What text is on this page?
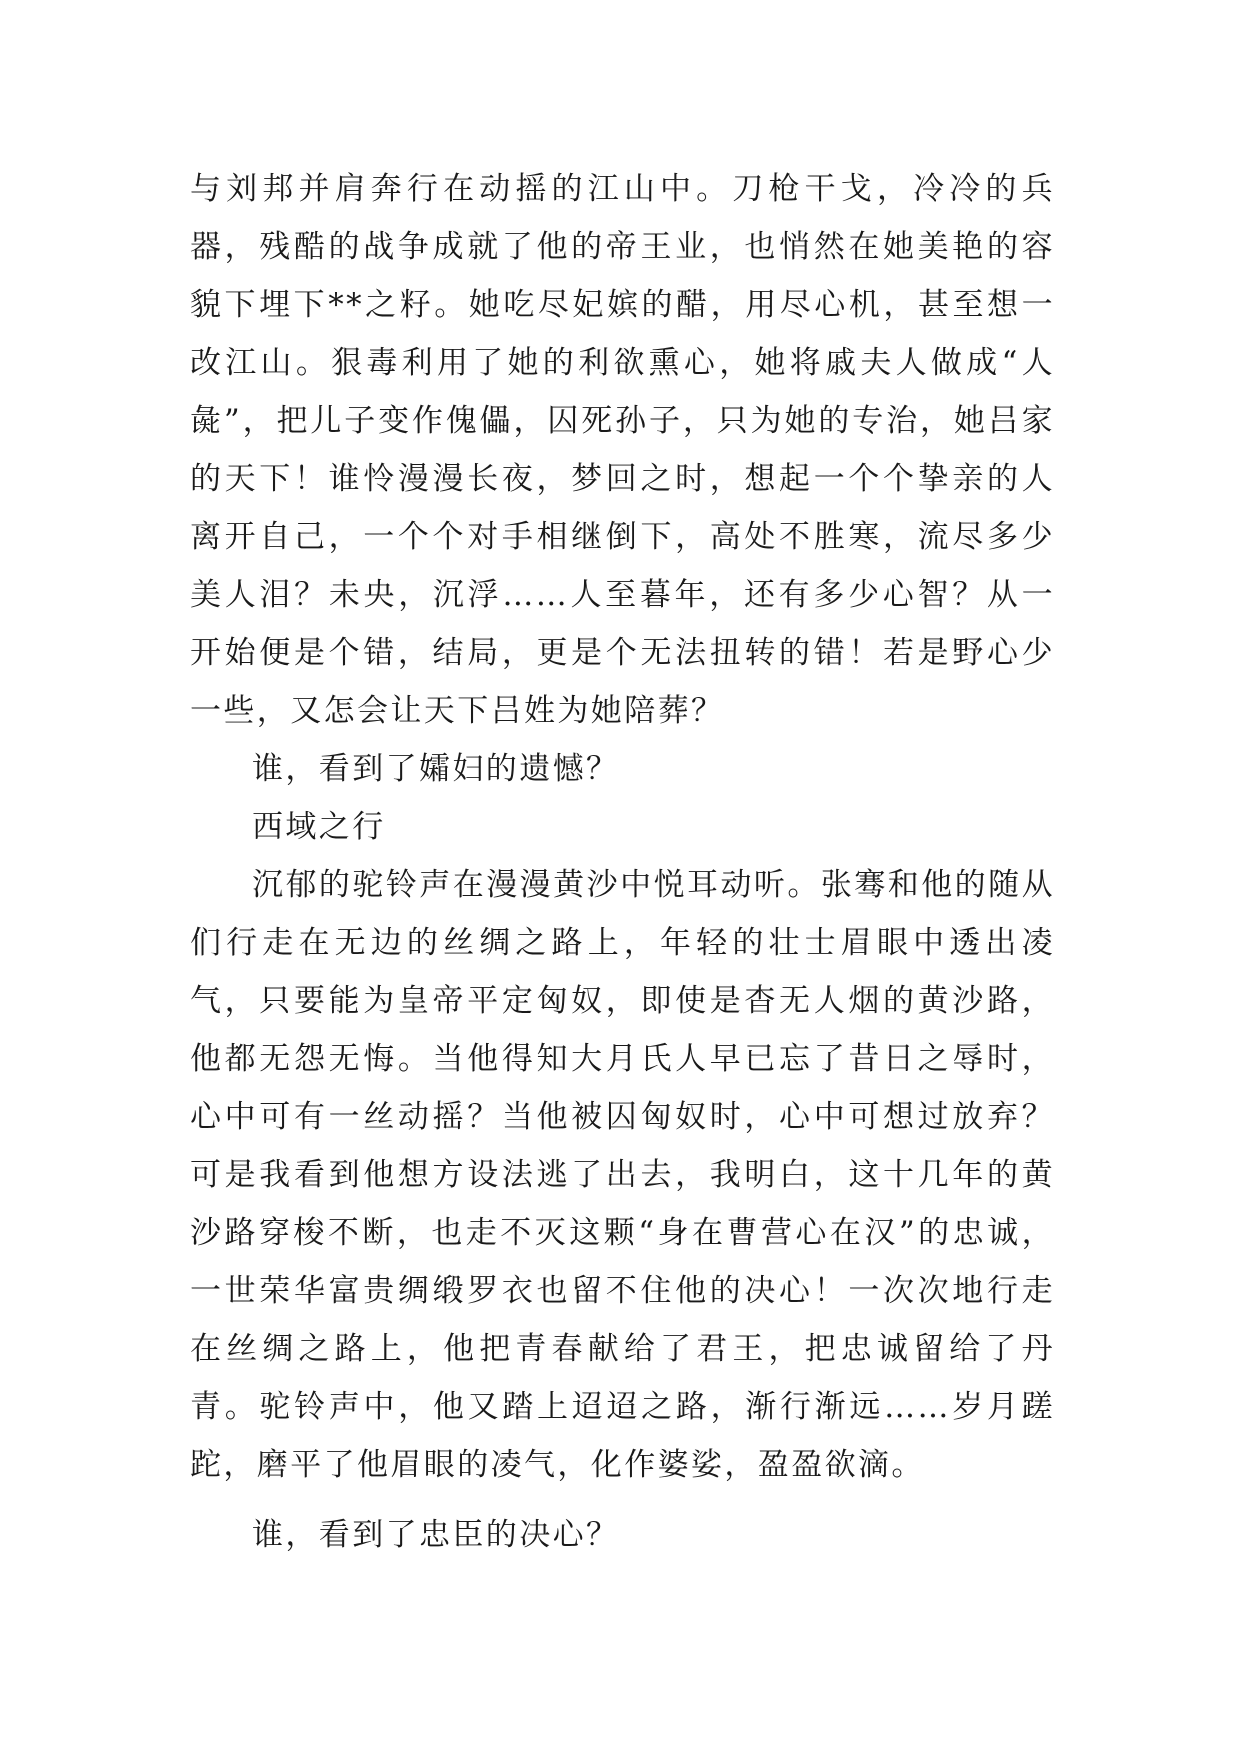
与刘邦并肩奔行在动摇的江山中。刀枪干戈，冷冷的兵器，残酷的战争成就了他的帝王业，也悄然在她美艳的容貌下埋下**之籽。她吃尽妃嫔的醋，用尽心机，甚至想一改江山。狠毒利用了她的利欲熏心，她将戚夫人做成“人彘”，把儿子变作傀儡，囚死孙子，只为她的专治，她吕家的天下！谁怜漫漫长夜，梦回之时，想起一个个挚亲的人离开自己，一个个对手相继倒下，高处不胜寒，流尽多少美人泪？未央，沉浮……人至暮年，还有多少心智？从一开始便是个错，结局，更是个无法扭转的错！若是野心少一些，又怎会让天下吕姓为她陪葬？

谁，看到了孀妇的遗憾？

西域之行

沉郁的驼铃声在漫漫黄沙中悦耳动听。张骞和他的随从们行走在无边的丝绸之路上，年轻的壮士眉眼中透出凌气，只要能为皇帝平定匈奴，即使是杳无人烟的黄沙路，他都无怨无悔。当他得知大月氏人早已忘了昔日之辱时，心中可有一丝动摇？当他被囚匈奴时，心中可想过放弃？可是我看到他想方设法逃了出去，我明白，这十几年的黄沙路穿梭不断，也走不灭这颗“身在曹营心在汉”的忠诚，一世荣华富贵绸缎罗衣也留不住他的决心！一次次地行走在丝绸之路上，他把青春献给了君王，把忠诚留给了丹青。驼铃声中，他又踏上迢迢之路，渐行渐远……岁月蹉跎，磨平了他眉眼的凌气，化作婆娑，盈盈欲滴。

谁，看到了忠臣的决心？
